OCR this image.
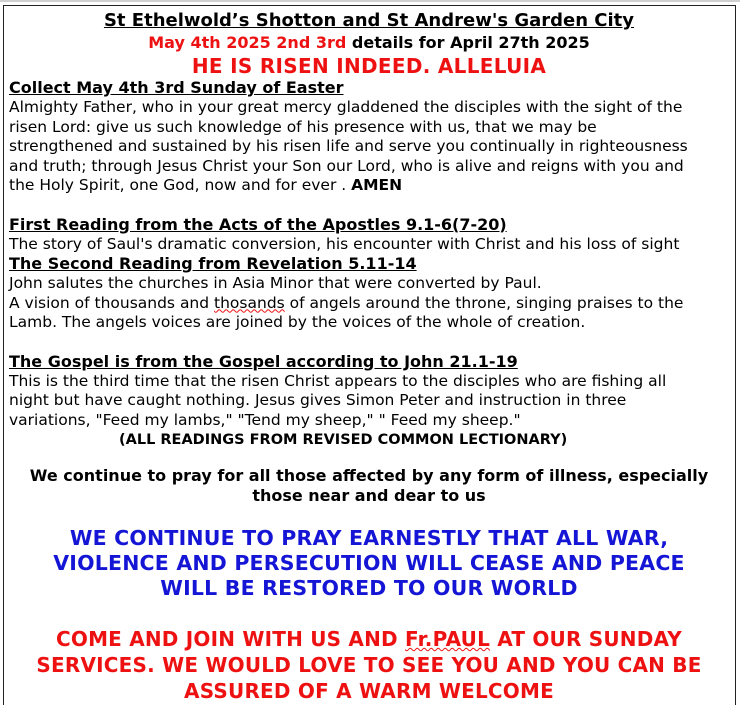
St Ethelwold’s Shotton and St Andrew's Garden City
May 4th 2025 2nd 3rd details for April 27th 2025
HE IS RISEN INDEED. ALLELUIA
Collect May 4th 3rd Sunday of Easter
Almighty Father, who in your great mercy gladdened the disciples with the sight of the
risen Lord: give us such knowledge of his presence with us, that we may be
strengthened and sustained by his risen life and serve you continually in righteousness
and truth; through Jesus Christ your Son our Lord, who is alive and reigns with you and
the Holy Spirit, one God, now and for ever . AMEN
First Reading from the Acts of the Apostles 9.1-6(7-20)
The story of Saul's dramatic conversion, his encounter with Christ and his loss of sight
The Second Reading from Revelation 5.11-14
John salutes the churches in Asia Minor that were converted by Paul.
A vision of thousands and thosands of angels around the throne, singing praises to the
Lamb. The angels voices are joined by the voices of the whole of creation.
The Gospel is from the Gospel according to John 21.1-19
This is the third time that the risen Christ appears to the disciples who are fishing all
night but have caught nothing. Jesus gives Simon Peter and instruction in three
variations, "Feed my lambs," "Tend my sheep," " Feed my sheep."
(ALL READINGS FROM REVISED COMMON LECTIONARY)
We continue to pray for all those affected by any form of illness, especially
those near and dear to us
WE CONTINUE TO PRAY EARNESTLY THAT ALL WAR,
VIOLENCE AND PERSECUTION WILL CEASE AND PEACE
WILL BE RESTORED TO OUR WORLD
COME AND JOIN WITH US AND Fr.PAUL AT OUR SUNDAY
SERVICES. WE WOULD LOVE TO SEE YOU AND YOU CAN BE
ASSURED OF A WARM WELCOME
